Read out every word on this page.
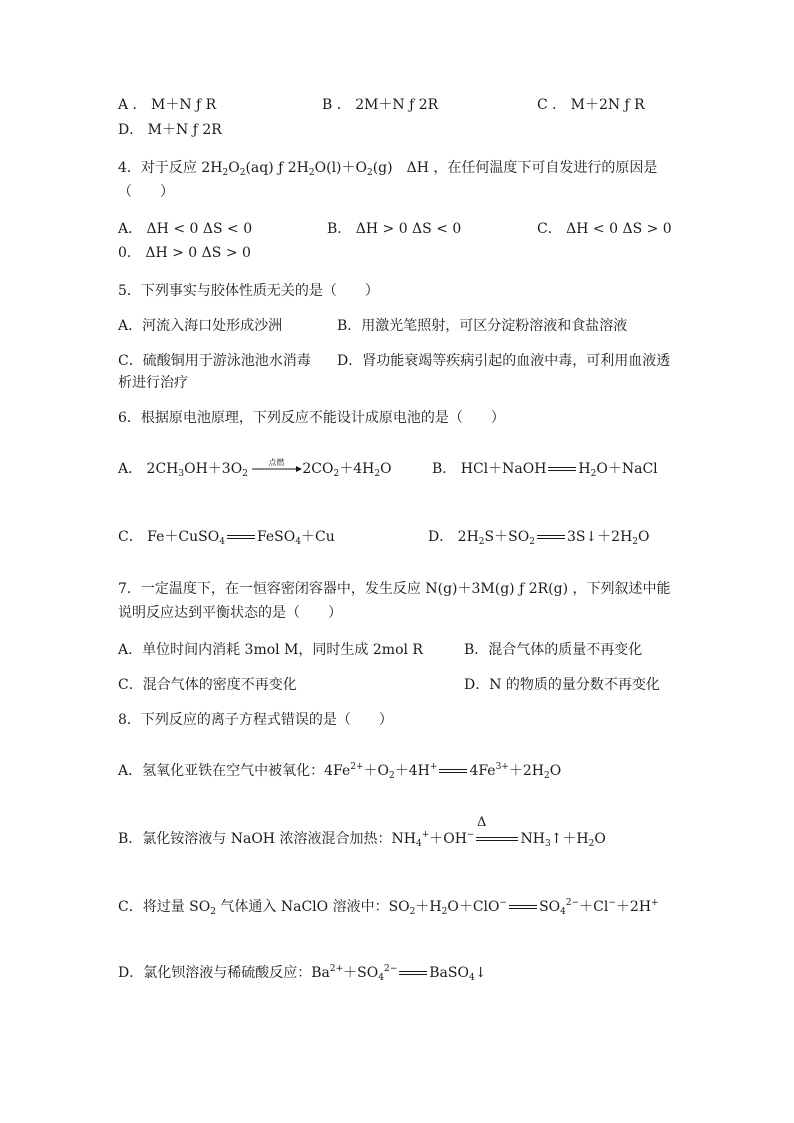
A ． M＋N ƒ R	B ． 2M＋N ƒ 2R	C ． M＋2N ƒ R
D． M＋N ƒ 2R
4．对于反应 $2H_2O_2(aq)$ ƒ $2H_2O(l)+O_2(g)$　ΔH ，在任何温度下可自发进行的原因是
（　　）
A． ΔH < 0 ΔS < 0	B． ΔH > 0 ΔS < 0	C． ΔH < 0 ΔS > 0
0． ΔH > 0 ΔS > 0
5．下列事实与胶体性质无关的是（　　）
A．河流入海口处形成沙洲	B．用激光笔照射，可区分淀粉溶液和食盐溶液
C．硫酸铜用于游泳池池水消毒 D．肾功能衰竭等疾病引起的血液中毒，可利用血液透
析进行治疗
6．根据原电池原理，下列反应不能设计成原电池的是（　　）
A． $2CH_3OH+3O_2$
点燃 $2CO_2+4H_2O$	B． HCl＋NaOH $H_2O+NaCl$
C． Fe＋CuSO$_4$ FeSO$_4$＋Cu	D． $2H_2S+SO_2$ $3S↓+2H_2O$
7．一定温度下，在一恒容密闭容器中，发生反应 N(g)＋3M(g) ƒ 2R(g) ，下列叙述中能
说明反应达到平衡状态的是（　　）
A．单位时间内消耗 3mol M，同时生成 2mol R	B．混合气体的质量不再变化
C．混合气体的密度不再变化	D．N 的物质的量分数不再变化
8．下列反应的离子方程式错误的是（　　）
A．氢氧化亚铁在空气中被氧化：$4Fe^{2+}+O_2+4H^+$ $4Fe^{3+}+2H_2O$
Δ
B．氯化铵溶液与 NaOH 浓溶液混合加热：$NH_4^++OH^-$	$NH_3↑+H_2O$
C．将过量 $SO_2$ 气体通入 NaClO 溶液中：$SO_2+H_2O+ClO^-$ $SO_4^{2-}+Cl^-+2H^+$
D．氯化钡溶液与稀硫酸反应：$Ba^{2+}+SO_4^{2-}$ BaSO$_4$↓
